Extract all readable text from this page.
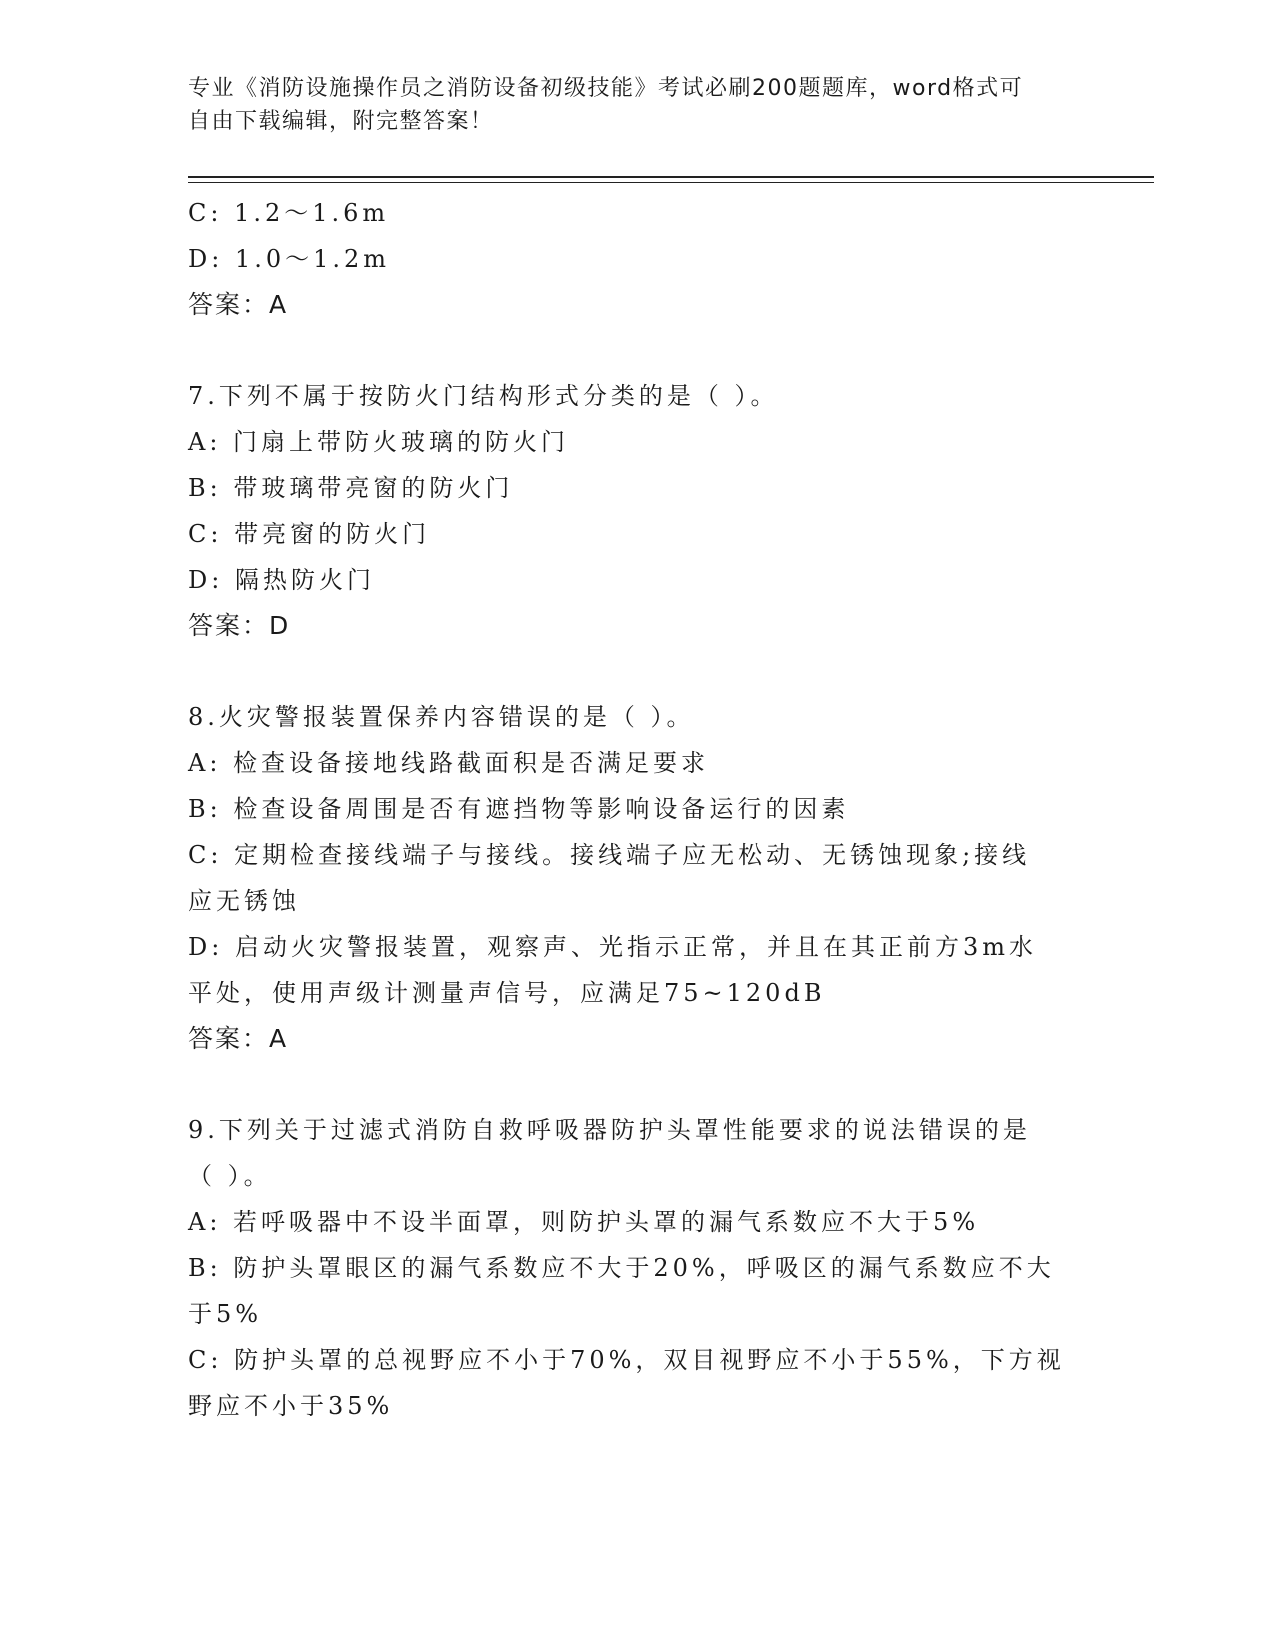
专业《消防设施操作员之消防设备初级技能》考试必刷200题题库，word格式可

自由下载编辑，附完整答案！

C: 1.2～1.6m

D: 1.0～1.2m

答案：A

7.下列不属于按防火门结构形式分类的是（ ）。

A: 门扇上带防火玻璃的防火门

B: 带玻璃带亮窗的防火门

C: 带亮窗的防火门

D: 隔热防火门

答案：D

8.火灾警报装置保养内容错误的是（ ）。

A: 检查设备接地线路截面积是否满足要求

B: 检查设备周围是否有遮挡物等影响设备运行的因素

C: 定期检查接线端子与接线。接线端子应无松动、无锈蚀现象;接线

应无锈蚀

D: 启动火灾警报装置，观察声、光指示正常，并且在其正前方3m水

平处，使用声级计测量声信号，应满足75~120dB

答案：A

9.下列关于过滤式消防自救呼吸器防护头罩性能要求的说法错误的是

（ ）。

A: 若呼吸器中不设半面罩，则防护头罩的漏气系数应不大于5%

B: 防护头罩眼区的漏气系数应不大于20%，呼吸区的漏气系数应不大

于5%

C: 防护头罩的总视野应不小于70%，双目视野应不小于55%，下方视

野应不小于35%
